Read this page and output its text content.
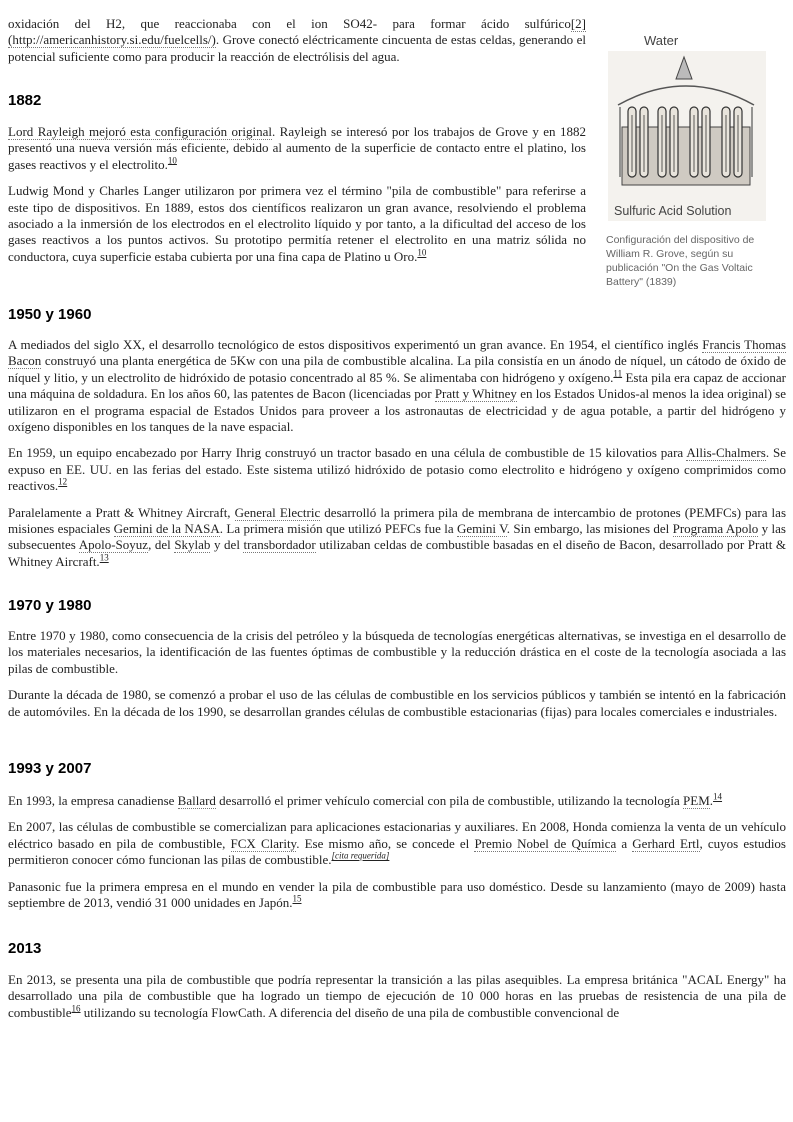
oxidación del H2, que reaccionaba con el ion SO42- para formar ácido sulfúrico[2] (http://americanhistory.si.edu/fuelcells/). Grove conectó eléctricamente cincuenta de estas celdas, generando el potencial suficiente como para producir la reacción de electrólisis del agua.

Water
Sulfuric Acid Solution
Configuración del dispositivo de William R. Grove, según su publicación "On the Gas Voltaic Battery" (1839)
1882

Lord Rayleigh mejoró esta configuración original. Rayleigh se interesó por los trabajos de Grove y en 1882 presentó una nueva versión más eficiente, debido al aumento de la superficie de contacto entre el platino, los gases reactivos y el electrolito.$^{10}$

Ludwig Mond y Charles Langer utilizaron por primera vez el término "pila de combustible" para referirse a este tipo de dispositivos. En 1889, estos dos científicos realizaron un gran avance, resolviendo el problema asociado a la inmersión de los electrodos en el electrolito líquido y por tanto, a la dificultad del acceso de los gases reactivos a los puntos activos. Su prototipo permitía retener el electrolito en una matriz sólida no conductora, cuya superficie estaba cubierta por una fina capa de Platino u Oro.$^{10}$

1950 y 1960

A mediados del siglo XX, el desarrollo tecnológico de estos dispositivos experimentó un gran avance. En 1954, el científico inglés Francis Thomas Bacon construyó una planta energética de 5Kw con una pila de combustible alcalina. La pila consistía en un ánodo de níquel, un cátodo de óxido de níquel y litio, y un electrolito de hidróxido de potasio concentrado al 85 %. Se alimentaba con hidrógeno y oxígeno.$^{11}$ Esta pila era capaz de accionar una máquina de soldadura. En los años 60, las patentes de Bacon (licenciadas por Pratt y Whitney en los Estados Unidos-al menos la idea original) se utilizaron en el programa espacial de Estados Unidos para proveer a los astronautas de electricidad y de agua potable, a partir del hidrógeno y oxígeno disponibles en los tanques de la nave espacial.

En 1959, un equipo encabezado por Harry Ihrig construyó un tractor basado en una célula de combustible de 15 kilovatios para Allis-Chalmers. Se expuso en EE. UU. en las ferias del estado. Este sistema utilizó hidróxido de potasio como electrolito e hidrógeno y oxígeno comprimidos como reactivos.$^{12}$

Paralelamente a Pratt & Whitney Aircraft, General Electric desarrolló la primera pila de membrana de intercambio de protones (PEMFCs) para las misiones espaciales Gemini de la NASA. La primera misión que utilizó PEFCs fue la Gemini V. Sin embargo, las misiones del Programa Apolo y las subsecuentes Apolo-Soyuz, del Skylab y del transbordador utilizaban celdas de combustible basadas en el diseño de Bacon, desarrollado por Pratt & Whitney Aircraft.$^{13}$

1970 y 1980

Entre 1970 y 1980, como consecuencia de la crisis del petróleo y la búsqueda de tecnologías energéticas alternativas, se investiga en el desarrollo de los materiales necesarios, la identificación de las fuentes óptimas de combustible y la reducción drástica en el coste de la tecnología asociada a las pilas de combustible.

Durante la década de 1980, se comenzó a probar el uso de las células de combustible en los servicios públicos y también se intentó en la fabricación de automóviles. En la década de los 1990, se desarrollan grandes células de combustible estacionarias (fijas) para locales comerciales e industriales.

1993 y 2007

En 1993, la empresa canadiense Ballard desarrolló el primer vehículo comercial con pila de combustible, utilizando la tecnología PEM.$^{14}$

En 2007, las células de combustible se comercializan para aplicaciones estacionarias y auxiliares. En 2008, Honda comienza la venta de un vehículo eléctrico basado en pila de combustible, FCX Clarity. Ese mismo año, se concede el Premio Nobel de Química a Gerhard Ertl, cuyos estudios permitieron conocer cómo funcionan las pilas de combustible.[cita requerida]

Panasonic fue la primera empresa en el mundo en vender la pila de combustible para uso doméstico. Desde su lanzamiento (mayo de 2009) hasta septiembre de 2013, vendió 31 000 unidades en Japón.$^{15}$

2013

En 2013, se presenta una pila de combustible que podría representar la transición a las pilas asequibles. La empresa británica "ACAL Energy" ha desarrollado una pila de combustible que ha logrado un tiempo de ejecución de 10 000 horas en las pruebas de resistencia de una pila de combustible$^{16}$ utilizando su tecnología FlowCath. A diferencia del diseño de una pila de combustible convencional de
